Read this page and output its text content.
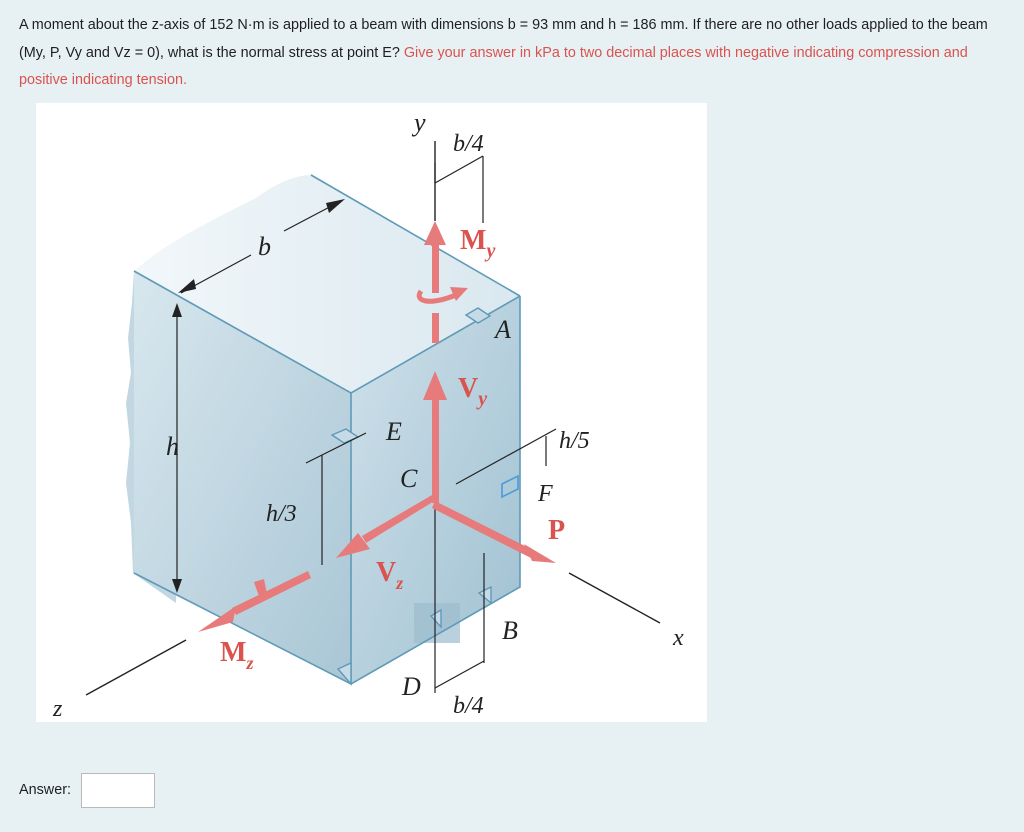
A moment about the z-axis of 152 N·m is applied to a beam with dimensions b = 93 mm and h = 186 mm. If there are no other loads applied to the beam (My, P, Vy and Vz = 0), what is the normal stress at point E? Give your answer in kPa to two decimal places with negative indicating compression and positive indicating tension.
y
x
z
b
h
b/4
h/3
h/5
b/4
A
B
C
D
E
F
$M_y$
$V_y$
$V_z$
$M_z$
P
Answer:
